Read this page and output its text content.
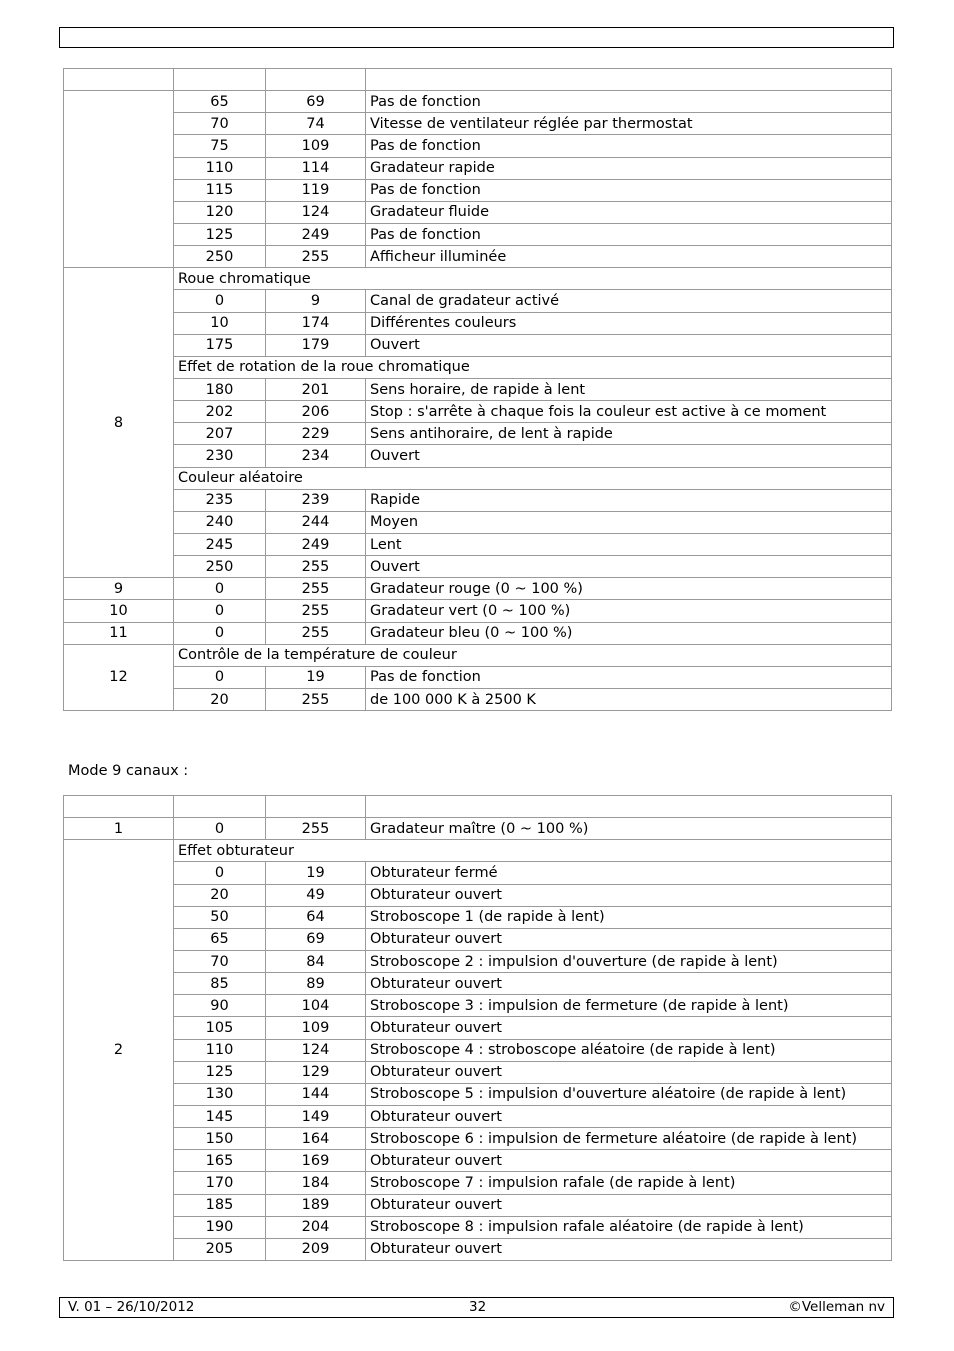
	65	69	Pas de fonction
	70	74	Vitesse de ventilateur réglée par thermostat
	75	109	Pas de fonction
	110	114	Gradateur rapide
	115	119	Pas de fonction
	120	124	Gradateur fluide
	125	249	Pas de fonction
	250	255	Afficheur illuminée
8	Roue chromatique		
	0	9	Canal de gradateur activé
	10	174	Différentes couleurs
	175	179	Ouvert
	Effet de rotation de la roue chromatique		
	180	201	Sens horaire, de rapide à lent
	202	206	Stop : s'arrête à chaque fois la couleur est active à ce moment
	207	229	Sens antihoraire, de lent à rapide
	230	234	Ouvert
	Couleur aléatoire		
	235	239	Rapide
	240	244	Moyen
	245	249	Lent
	250	255	Ouvert
9	0	255	Gradateur rouge (0 ~ 100 %)
10	0	255	Gradateur vert (0 ~ 100 %)
11	0	255	Gradateur bleu (0 ~ 100 %)
12	Contrôle de la température de couleur		
	0	19	Pas de fonction
	20	255	de 100 000 K à 2500 K
Mode 9 canaux :

1	0	255	Gradateur maître (0 ~ 100 %)
2	Effet obturateur		
	0	19	Obturateur fermé
	20	49	Obturateur ouvert
	50	64	Stroboscope 1 (de rapide à lent)
	65	69	Obturateur ouvert
	70	84	Stroboscope 2 : impulsion d'ouverture (de rapide à lent)
	85	89	Obturateur ouvert
	90	104	Stroboscope 3 : impulsion de fermeture (de rapide à lent)
	105	109	Obturateur ouvert
	110	124	Stroboscope 4 : stroboscope aléatoire (de rapide à lent)
	125	129	Obturateur ouvert
	130	144	Stroboscope 5 : impulsion d'ouverture aléatoire (de rapide à lent)
	145	149	Obturateur ouvert
	150	164	Stroboscope 6 : impulsion de fermeture aléatoire (de rapide à lent)
	165	169	Obturateur ouvert
	170	184	Stroboscope 7 : impulsion rafale (de rapide à lent)
	185	189	Obturateur ouvert
	190	204	Stroboscope 8 : impulsion rafale aléatoire (de rapide à lent)
	205	209	Obturateur ouvert
V. 01 – 26/10/2012	32	©Velleman nv
